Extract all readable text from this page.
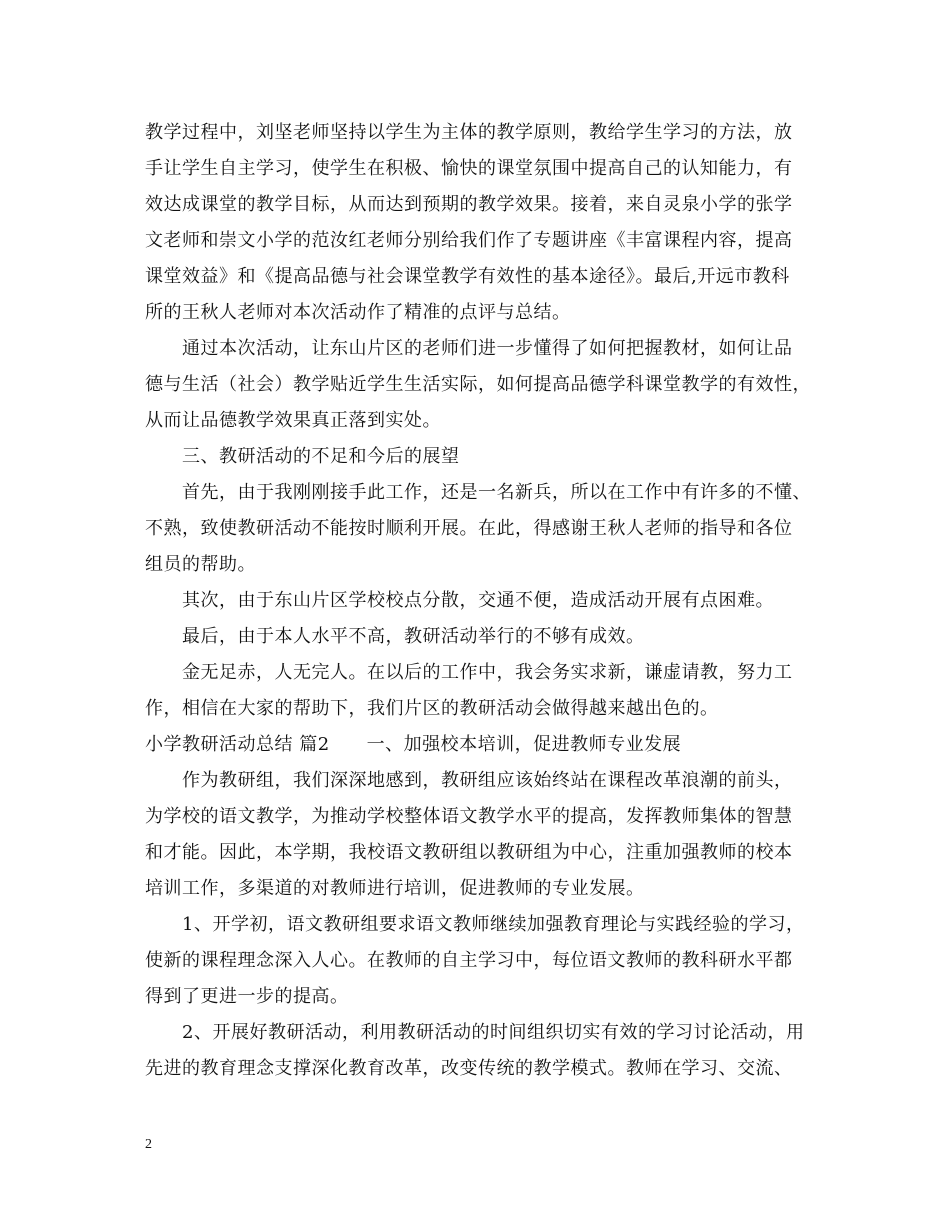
教学过程中，刘坚老师坚持以学生为主体的教学原则，教给学生学习的方法，放

手让学生自主学习，使学生在积极、愉快的课堂氛围中提高自己的认知能力，有

效达成课堂的教学目标，从而达到预期的教学效果。接着，来自灵泉小学的张学

文老师和崇文小学的范汝红老师分别给我们作了专题讲座《丰富课程内容，提高

课堂效益》和《提高品德与社会课堂教学有效性的基本途径》。最后,开远市教科

所的王秋人老师对本次活动作了精准的点评与总结。

通过本次活动，让东山片区的老师们进一步懂得了如何把握教材，如何让品

德与生活（社会）教学贴近学生生活实际，如何提高品德学科课堂教学的有效性，

从而让品德教学效果真正落到实处。

三、教研活动的不足和今后的展望

首先，由于我刚刚接手此工作，还是一名新兵，所以在工作中有许多的不懂、

不熟，致使教研活动不能按时顺利开展。在此，得感谢王秋人老师的指导和各位

组员的帮助。

其次，由于东山片区学校校点分散，交通不便，造成活动开展有点困难。

最后，由于本人水平不高，教研活动举行的不够有成效。

金无足赤，人无完人。在以后的工作中，我会务实求新，谦虚请教，努力工

作，相信在大家的帮助下，我们片区的教研活动会做得越来越出色的。

小学教研活动总结 篇2　　一、加强校本培训，促进教师专业发展

作为教研组，我们深深地感到，教研组应该始终站在课程改革浪潮的前头，

为学校的语文教学，为推动学校整体语文教学水平的提高，发挥教师集体的智慧

和才能。因此，本学期，我校语文教研组以教研组为中心，注重加强教师的校本

培训工作，多渠道的对教师进行培训，促进教师的专业发展。

1、开学初，语文教研组要求语文教师继续加强教育理论与实践经验的学习，

使新的课程理念深入人心。在教师的自主学习中，每位语文教师的教科研水平都

得到了更进一步的提高。

2、开展好教研活动，利用教研活动的时间组织切实有效的学习讨论活动，用

先进的教育理念支撑深化教育改革，改变传统的教学模式。教师在学习、交流、

2
